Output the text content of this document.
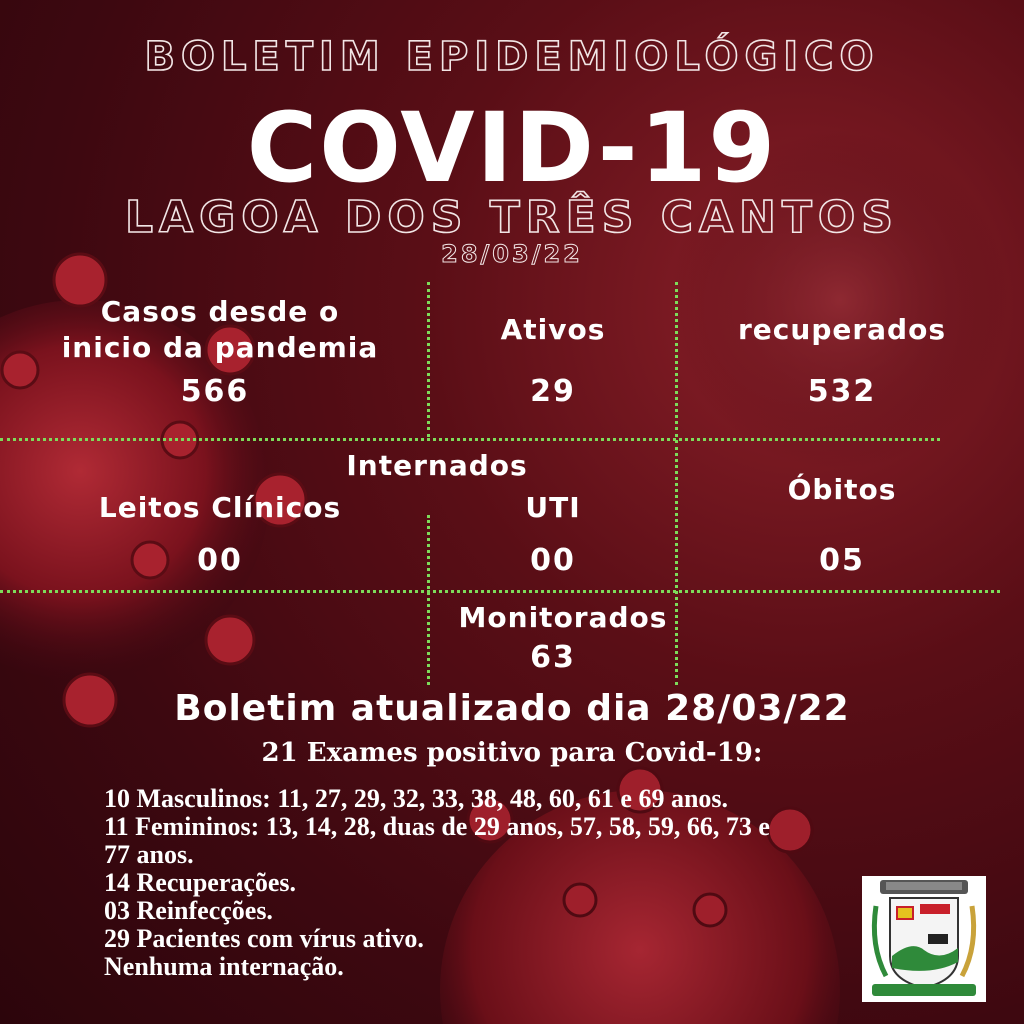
BOLETIM EPIDEMIOLÓGICO
COVID-19
LAGOA DOS TRÊS CANTOS
28/03/22
Casos desde o
inicio da pandemia
566
Ativos
29
recuperados
532
Internados
Leitos Clínicos
00
UTI
00
Óbitos
05
Monitorados
63
Boletim atualizado dia 28/03/22
21 Exames positivo para Covid-19:
10 Masculinos: 11, 27, 29, 32, 33, 38, 48, 60, 61 e 69 anos.
11 Femininos: 13, 14, 28, duas de 29 anos, 57, 58, 59, 66, 73 e
77 anos.
14 Recuperações.
03 Reinfecções.
29 Pacientes com vírus ativo.
Nenhuma internação.
